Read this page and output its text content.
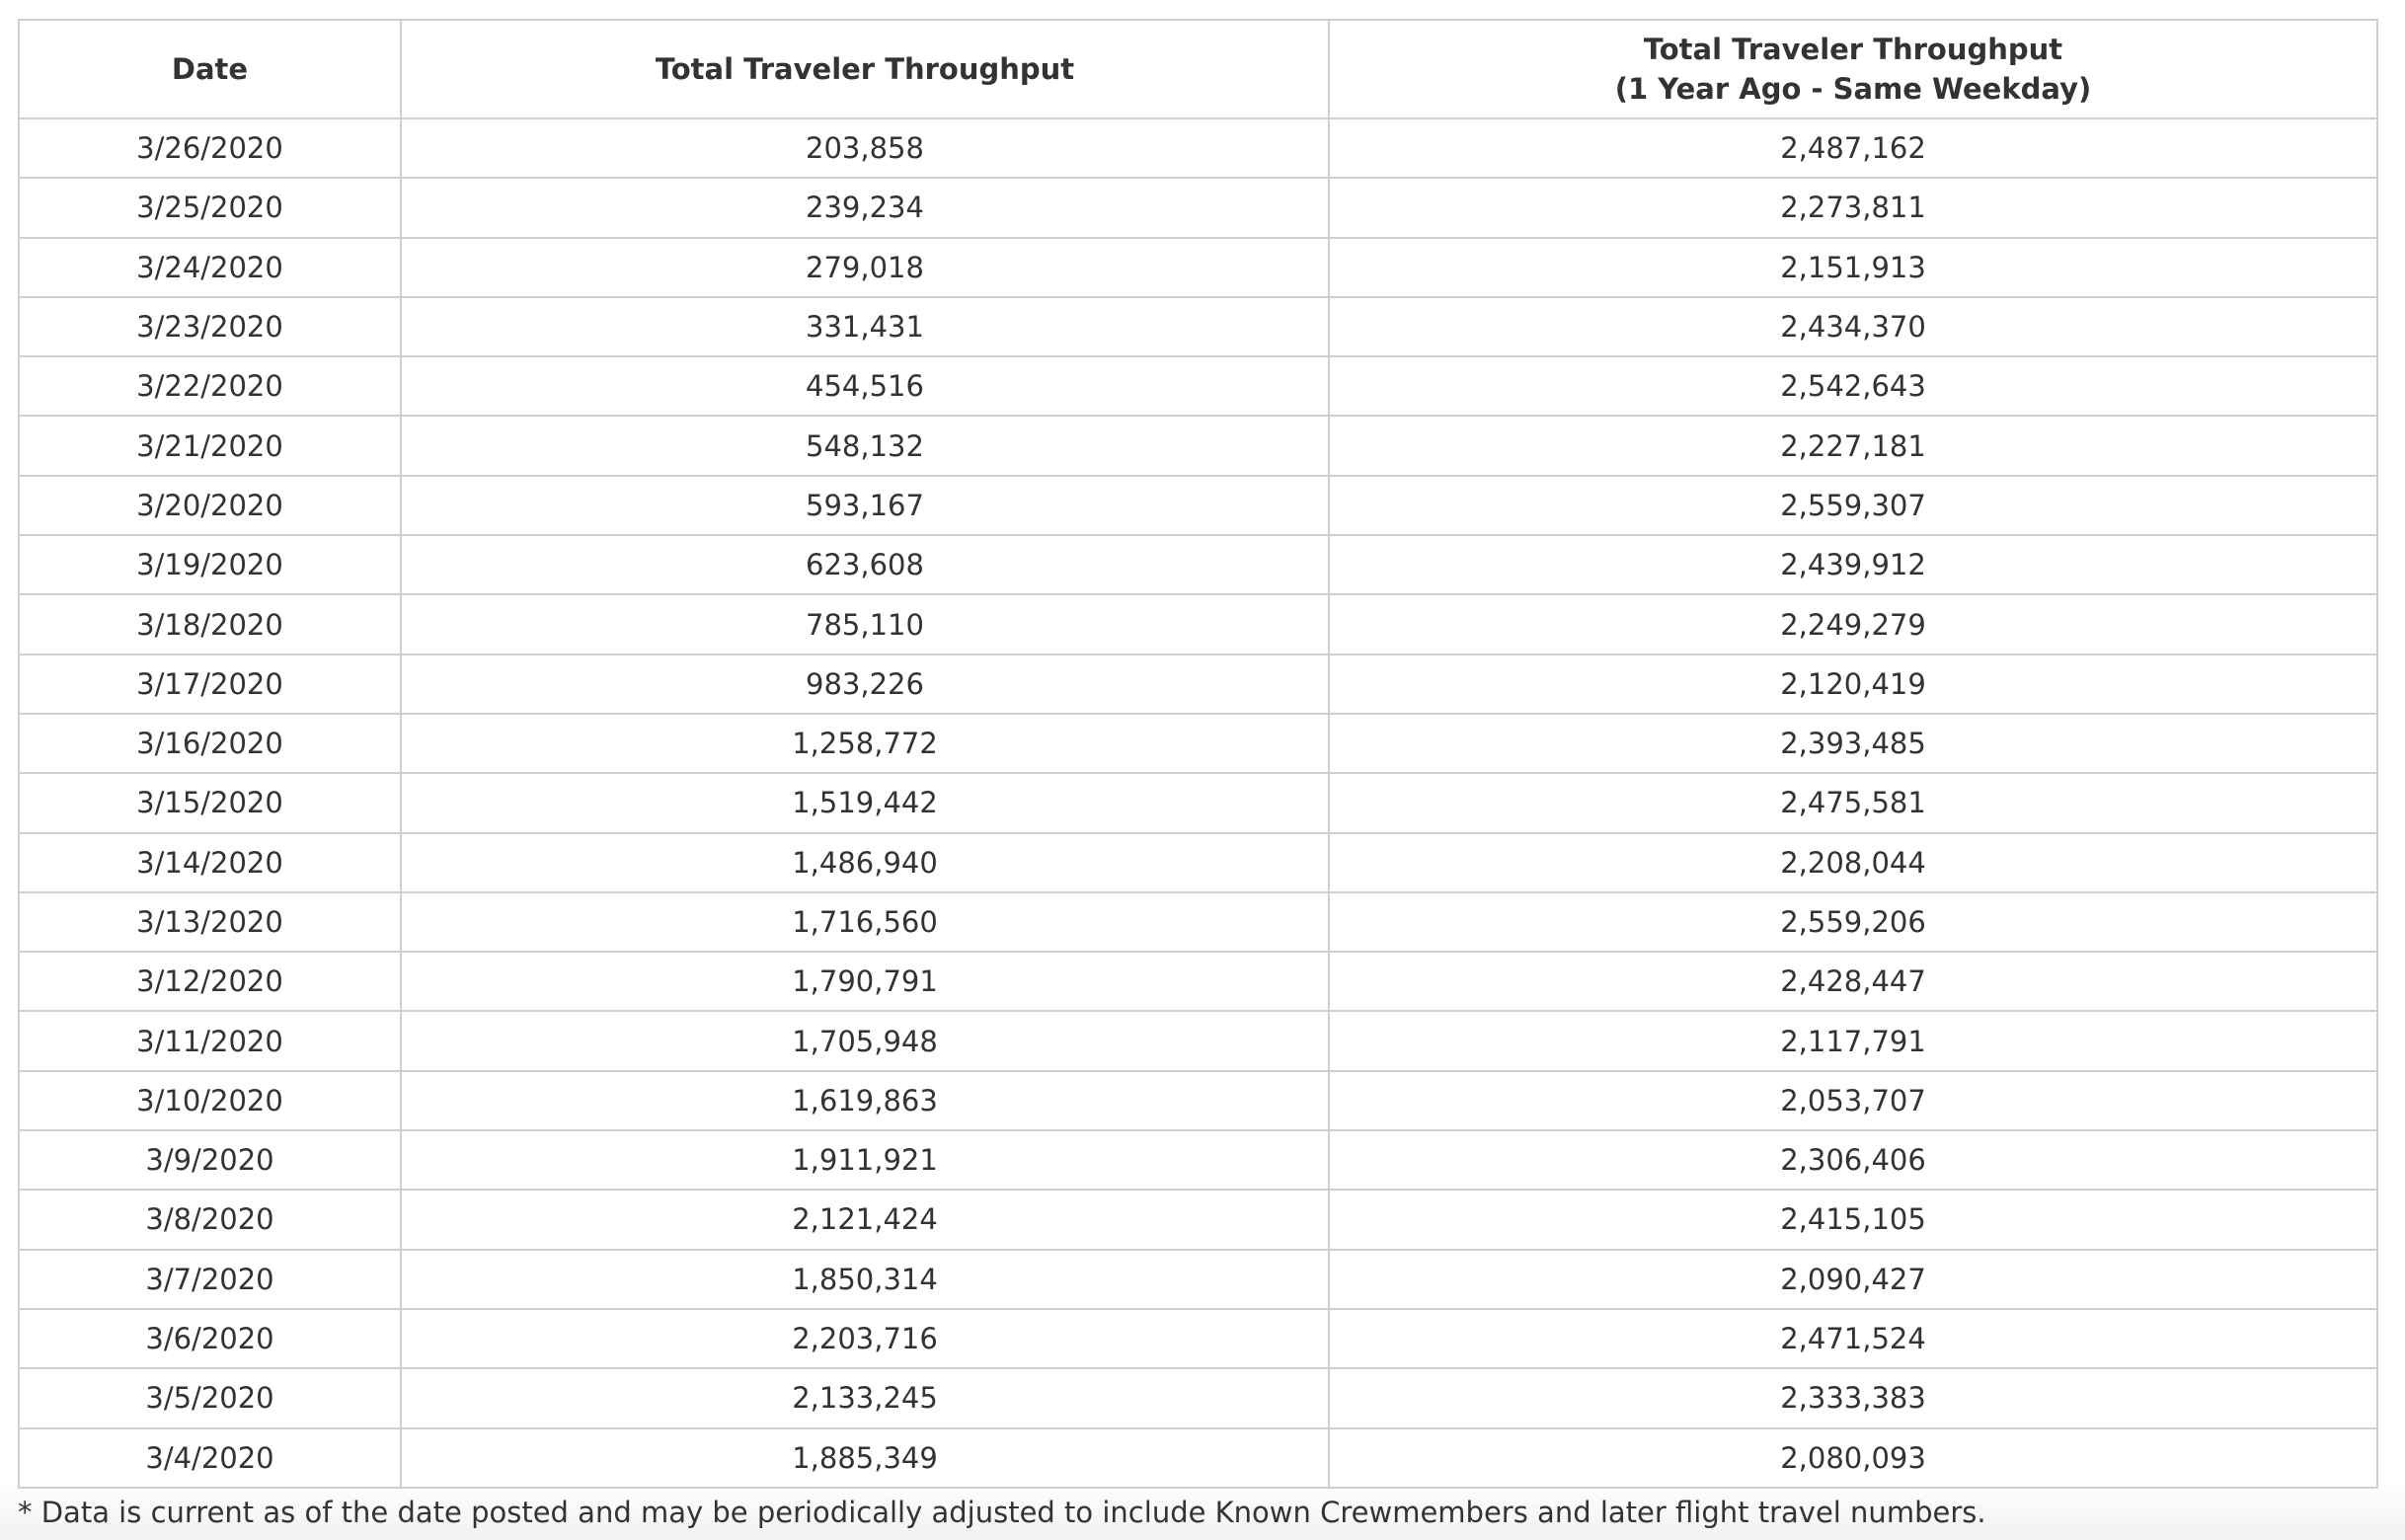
Date	Total Traveler Throughput	Total Traveler Throughput
(1 Year Ago - Same Weekday)

3/26/2020	203,858	2,487,162
3/25/2020	239,234	2,273,811
3/24/2020	279,018	2,151,913
3/23/2020	331,431	2,434,370
3/22/2020	454,516	2,542,643
3/21/2020	548,132	2,227,181
3/20/2020	593,167	2,559,307
3/19/2020	623,608	2,439,912
3/18/2020	785,110	2,249,279
3/17/2020	983,226	2,120,419
3/16/2020	1,258,772	2,393,485
3/15/2020	1,519,442	2,475,581
3/14/2020	1,486,940	2,208,044
3/13/2020	1,716,560	2,559,206
3/12/2020	1,790,791	2,428,447
3/11/2020	1,705,948	2,117,791
3/10/2020	1,619,863	2,053,707
3/9/2020	1,911,921	2,306,406
3/8/2020	2,121,424	2,415,105
3/7/2020	1,850,314	2,090,427
3/6/2020	2,203,716	2,471,524
3/5/2020	2,133,245	2,333,383
3/4/2020	1,885,349	2,080,093
* Data is current as of the date posted and may be periodically adjusted to include Known Crewmembers and later flight travel numbers.
